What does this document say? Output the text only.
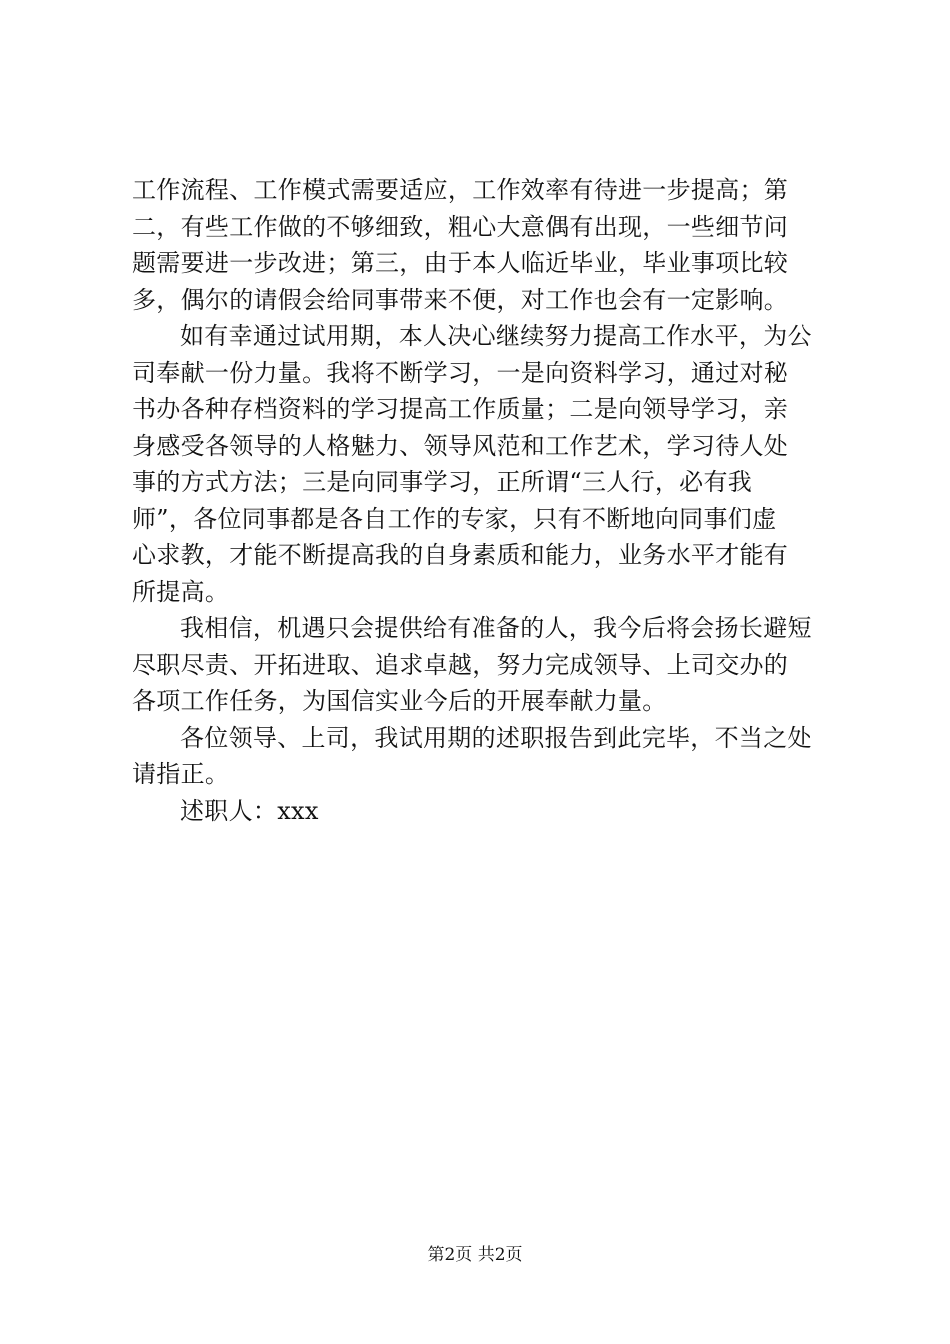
工作流程、工作模式需要适应，工作效率有待进一步提高；第
二，有些工作做的不够细致，粗心大意偶有出现，一些细节问
题需要进一步改进；第三，由于本人临近毕业，毕业事项比较
多，偶尔的请假会给同事带来不便，对工作也会有一定影响。
如有幸通过试用期，本人决心继续努力提高工作水平，为公
司奉献一份力量。我将不断学习，一是向资料学习，通过对秘
书办各种存档资料的学习提高工作质量；二是向领导学习，亲
身感受各领导的人格魅力、领导风范和工作艺术，学习待人处
事的方式方法；三是向同事学习，正所谓“三人行，必有我
师”，各位同事都是各自工作的专家，只有不断地向同事们虚
心求教，才能不断提高我的自身素质和能力，业务水平才能有
所提高。
我相信，机遇只会提供给有准备的人，我今后将会扬长避短
尽职尽责、开拓进取、追求卓越，努力完成领导、上司交办的
各项工作任务，为国信实业今后的开展奉献力量。
各位领导、上司，我试用期的述职报告到此完毕，不当之处
请指正。
述职人：xxx
第2页 共2页
